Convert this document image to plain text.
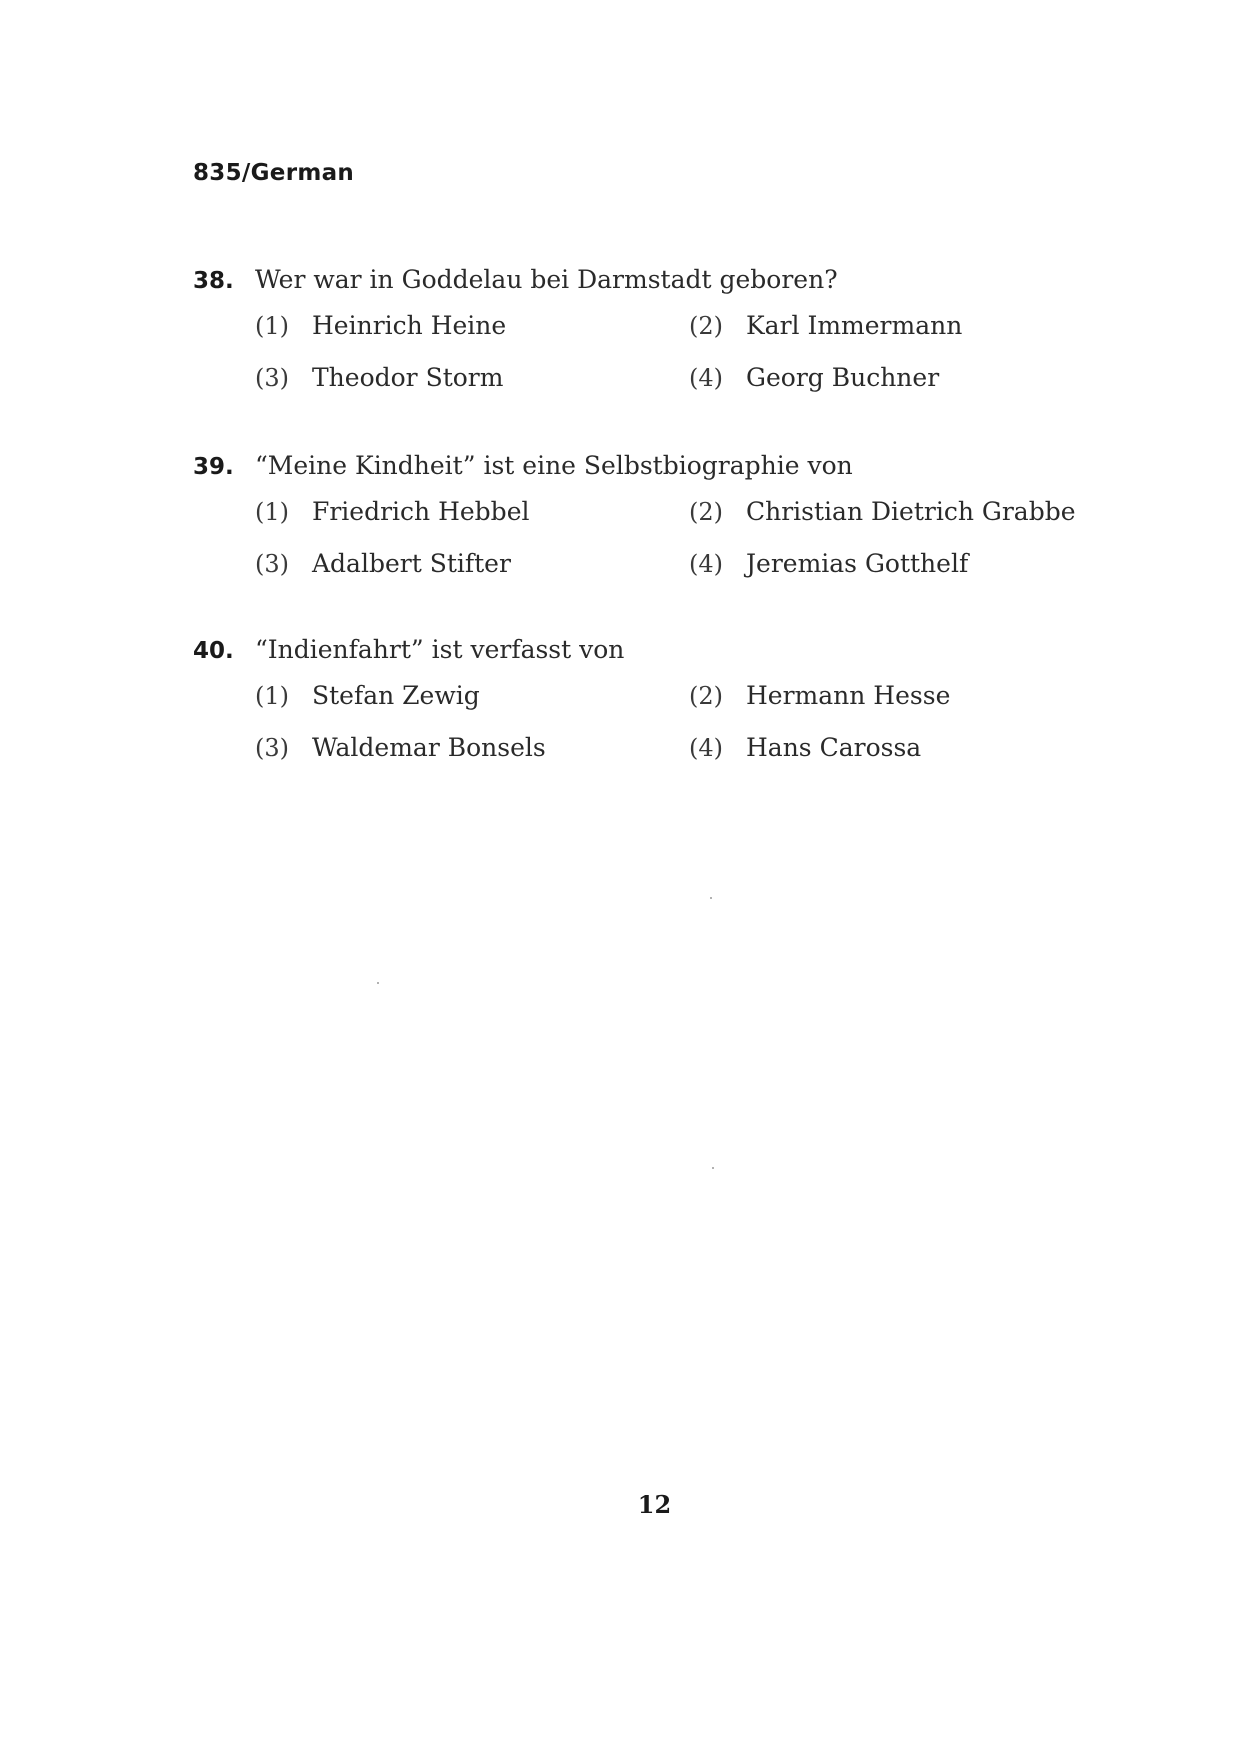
835/German
38. Wer war in Goddelau bei Darmstadt geboren?
(1) Heinrich Heine	(2) Karl Immermann
(3) Theodor Storm	(4) Georg Buchner
39. “Meine Kindheit” ist eine Selbstbiographie von
(1) Friedrich Hebbel	(2) Christian Dietrich Grabbe
(3) Adalbert Stifter	(4) Jeremias Gotthelf
40. “Indienfahrt” ist verfasst von
(1) Stefan Zewig	(2) Hermann Hesse
(3) Waldemar Bonsels	(4) Hans Carossa
12
